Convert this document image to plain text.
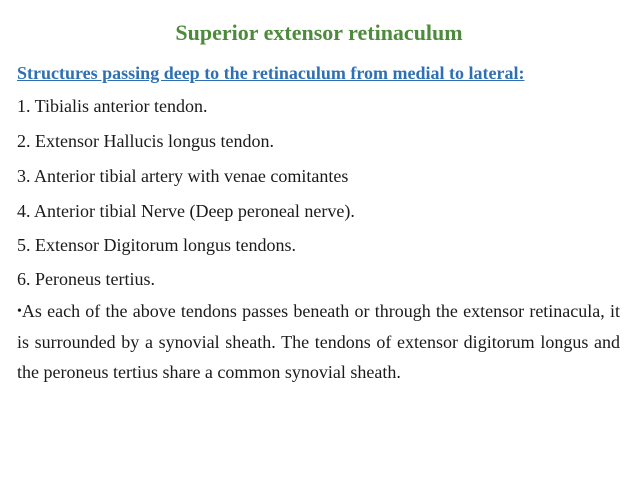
Superior extensor retinaculum

Structures passing deep to the retinaculum from medial to lateral:

1. Tibialis anterior tendon.

2. Extensor Hallucis longus tendon.

3. Anterior tibial artery with venae comitantes

4. Anterior tibial Nerve (Deep peroneal nerve).

5. Extensor Digitorum longus tendons.

6. Peroneus tertius.

•As each of the above tendons passes beneath or through the extensor retinacula, it is surrounded by a synovial sheath. The tendons of extensor digitorum longus and the peroneus tertius share a common synovial sheath.
